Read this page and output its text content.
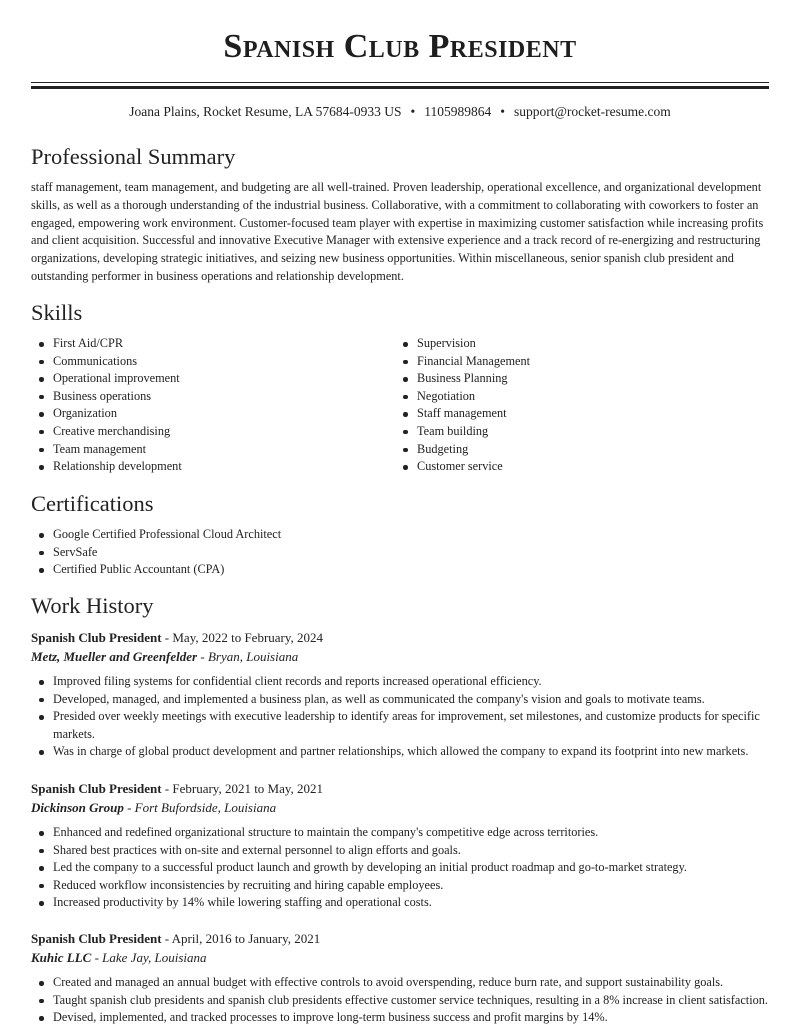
Spanish Club President
Joana Plains, Rocket Resume, LA 57684-0933 US • 1105989864 • support@rocket-resume.com
Professional Summary

staff management, team management, and budgeting are all well-trained. Proven leadership, operational excellence, and organizational development skills, as well as a thorough understanding of the industrial business. Collaborative, with a commitment to collaborating with coworkers to foster an engaged, empowering work environment. Customer-focused team player with expertise in maximizing customer satisfaction while increasing profits and client acquisition. Successful and innovative Executive Manager with extensive experience and a track record of re-energizing and restructuring organizations, developing strategic initiatives, and seizing new business opportunities. Within miscellaneous, senior spanish club president and outstanding performer in business operations and relationship development.

Skills
First Aid/CPR
Communications
Operational improvement
Business operations
Organization
Creative merchandising
Team management
Relationship development
Supervision
Financial Management
Business Planning
Negotiation
Staff management
Team building
Budgeting
Customer service
Certifications
Google Certified Professional Cloud Architect
ServSafe
Certified Public Accountant (CPA)
Work History
Spanish Club President - May, 2022 to February, 2024
Metz, Mueller and Greenfelder - Bryan, Louisiana
Improved filing systems for confidential client records and reports increased operational efficiency.
Developed, managed, and implemented a business plan, as well as communicated the company's vision and goals to motivate teams.
Presided over weekly meetings with executive leadership to identify areas for improvement, set milestones, and customize products for specific markets.
Was in charge of global product development and partner relationships, which allowed the company to expand its footprint into new markets.
Spanish Club President - February, 2021 to May, 2021
Dickinson Group - Fort Bufordside, Louisiana
Enhanced and redefined organizational structure to maintain the company's competitive edge across territories.
Shared best practices with on-site and external personnel to align efforts and goals.
Led the company to a successful product launch and growth by developing an initial product roadmap and go-to-market strategy.
Reduced workflow inconsistencies by recruiting and hiring capable employees.
Increased productivity by 14% while lowering staffing and operational costs.
Spanish Club President - April, 2016 to January, 2021
Kuhic LLC - Lake Jay, Louisiana
Created and managed an annual budget with effective controls to avoid overspending, reduce burn rate, and support sustainability goals.
Taught spanish club presidents and spanish club presidents effective customer service techniques, resulting in a 8% increase in client satisfaction.
Devised, implemented, and tracked processes to improve long-term business success and profit margins by 14%.
